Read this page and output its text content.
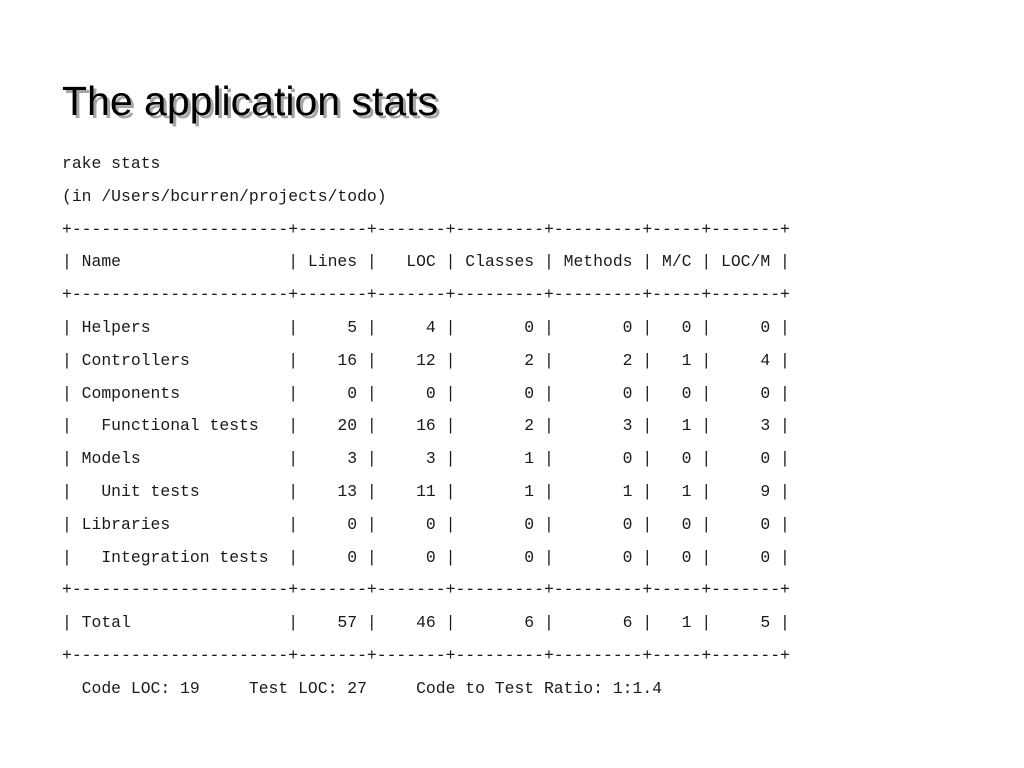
The application stats
rake stats
(in /Users/bcurren/projects/todo)
+----------------------+-------+-------+---------+---------+-----+-------+
| Name                 | Lines |   LOC | Classes | Methods | M/C | LOC/M |
+----------------------+-------+-------+---------+---------+-----+-------+
| Helpers              |     5 |     4 |       0 |       0 |   0 |     0 |
| Controllers          |    16 |    12 |       2 |       2 |   1 |     4 |
| Components           |     0 |     0 |       0 |       0 |   0 |     0 |
|   Functional tests   |    20 |    16 |       2 |       3 |   1 |     3 |
| Models               |     3 |     3 |       1 |       0 |   0 |     0 |
|   Unit tests         |    13 |    11 |       1 |       1 |   1 |     9 |
| Libraries            |     0 |     0 |       0 |       0 |   0 |     0 |
|   Integration tests  |     0 |     0 |       0 |       0 |   0 |     0 |
+----------------------+-------+-------+---------+---------+-----+-------+
| Total                |    57 |    46 |       6 |       6 |   1 |     5 |
+----------------------+-------+-------+---------+---------+-----+-------+
Code LOC: 19     Test LOC: 27     Code to Test Ratio: 1:1.4
